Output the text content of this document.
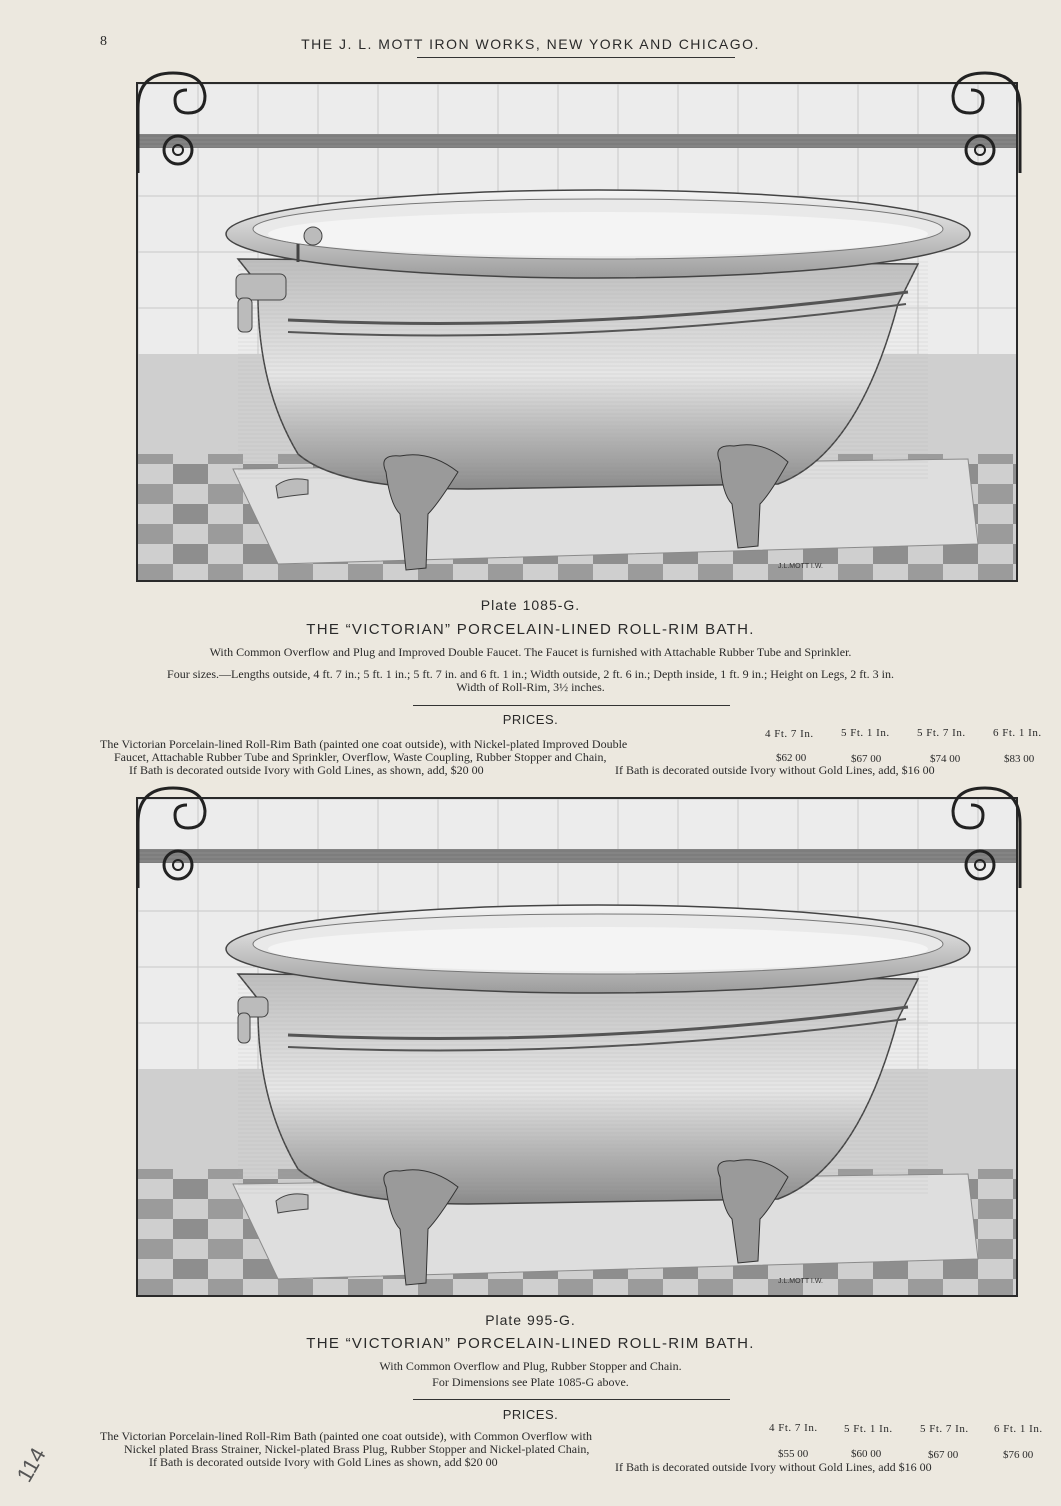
8	THE J. L. MOTT IRON WORKS, NEW YORK AND CHICAGO.
J.L.MOTT I.W.
Plate 1085-G.
THE “VICTORIAN” PORCELAIN-LINED ROLL-RIM BATH.
With Common Overflow and Plug and Improved Double Faucet. The Faucet is furnished with Attachable Rubber Tube and Sprinkler.
Four sizes.—Lengths outside, 4 ft. 7 in.; 5 ft. 1 in.; 5 ft. 7 in. and 6 ft. 1 in.; Width outside, 2 ft. 6 in.; Depth inside, 1 ft. 9 in.; Height on Legs, 2 ft. 3 in.
Width of Roll-Rim, 3½ inches.
PRICES.
The Victorian Porcelain-lined Roll-Rim Bath (painted one coat outside), with Nickel-plated Improved Double
Faucet, Attachable Rubber Tube and Sprinkler, Overflow, Waste Coupling, Rubber Stopper and Chain,
If Bath is decorated outside Ivory with Gold Lines, as shown, add, $20 00	If Bath is decorated outside Ivory without Gold Lines, add, $16 00
4 Ft. 7 In. 5 Ft. 1 In. 5 Ft. 7 In. 6 Ft. 1 In.
$62 00	$67 00	$74 00	$83 00
J.L.MOTT I.W.
Plate 995-G.
THE “VICTORIAN” PORCELAIN-LINED ROLL-RIM BATH.
With Common Overflow and Plug, Rubber Stopper and Chain.
For Dimensions see Plate 1085-G above.
PRICES.
The Victorian Porcelain-lined Roll-Rim Bath (painted one coat outside), with Common Overflow with
Nickel plated Brass Strainer, Nickel-plated Brass Plug, Rubber Stopper and Nickel-plated Chain,
If Bath is decorated outside Ivory with Gold Lines as shown, add $20 00	If Bath is decorated outside Ivory without Gold Lines, add $16 00
4 Ft. 7 In. 5 Ft. 1 In. 5 Ft. 7 In. 6 Ft. 1 In.
$55 00	$60 00	$67 00	$76 00
114
